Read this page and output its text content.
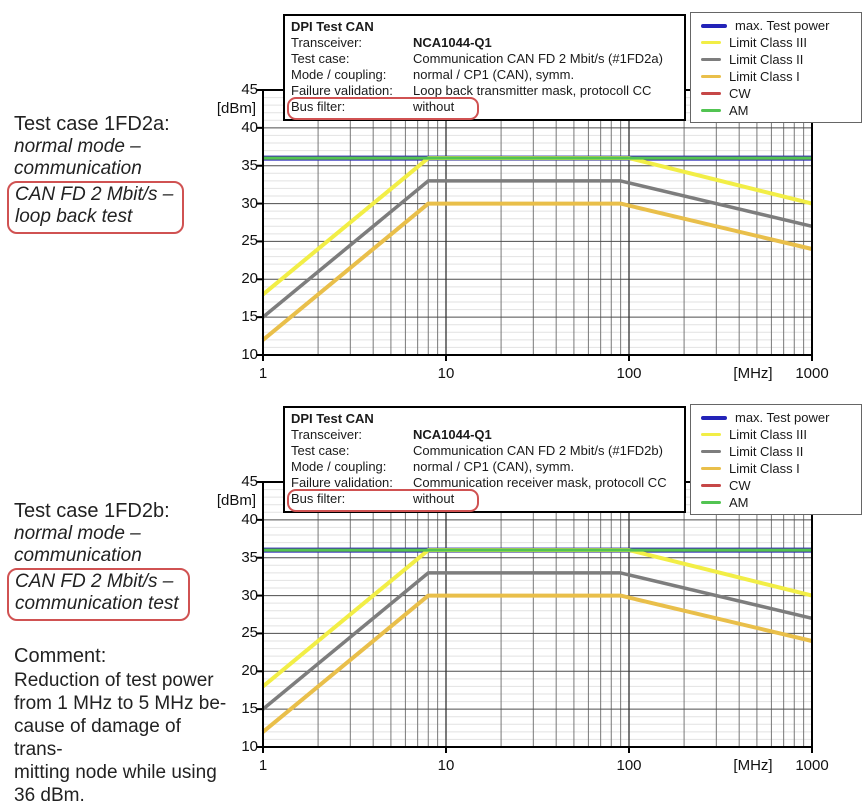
Test case 1FD2a:
normal mode –
communication
CAN FD 2 Mbit/s –
loop back test
Test case 1FD2b:
normal mode –
communication
CAN FD 2 Mbit/s –
communication test
Comment:
Reduction of test power
from 1 MHz to 5 MHz be-
cause of damage of trans-
mitting node while using
36 dBm.
45
40
35
30
25
20
15
10
[dBm]
1	10	100	1000
[MHz]
DPI Test CAN
Transceiver:	NCA1044-Q1
Test case:	Communication CAN FD 2 Mbit/s (#1FD2a)
Mode / coupling: normal / CP1 (CAN), symm.
Failure validation: Loop back transmitter mask, protocoll CC
Bus filter:	without
max. Test power
Limit Class III
Limit Class II
Limit Class I
CW
AM
45
40
35
30
25
20
15
10
[dBm]
1	10	100	1000
[MHz]
DPI Test CAN
Transceiver:	NCA1044-Q1
Test case:	Communication CAN FD 2 Mbit/s (#1FD2b)
Mode / coupling: normal / CP1 (CAN), symm.
Failure validation: Communication receiver mask, protocoll CC
Bus filter:	without
max. Test power
Limit Class III
Limit Class II
Limit Class I
CW
AM
